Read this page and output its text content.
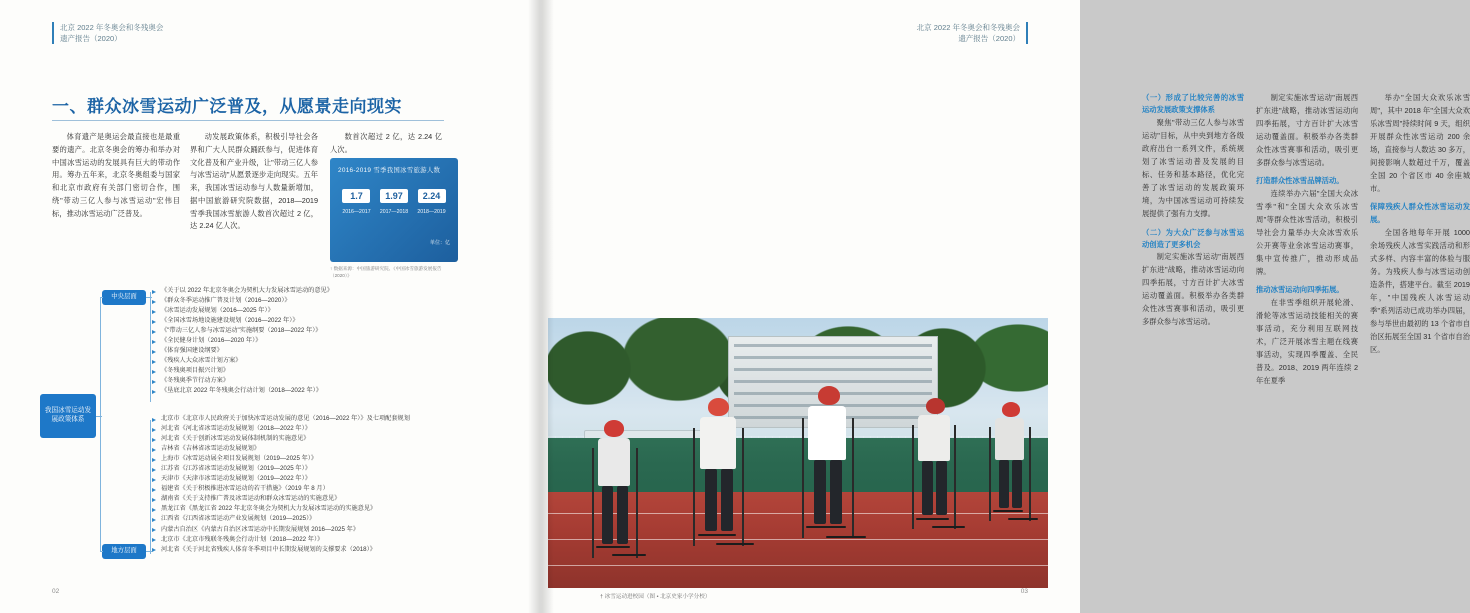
北京 2022 年冬奥会和冬残奥会
遗产报告（2020）
一、群众冰雪运动广泛普及，从愿景走向现实

体育遗产是奥运会最直接也是最重要的遗产。北京冬奥会的筹办和举办对中国冰雪运动的发展具有巨大的带动作用。筹办五年来，北京冬奥组委与国家和北京市政府有关部门密切合作，围绕"带动三亿人参与冰雪运动"宏伟目标，推动冰雪运动广泛普及。

动发展政策体系，积极引导社会各界和广大人民群众踊跃参与，促进体育文化普及和产业升级，让"带动三亿人参与冰雪运动"从愿景逐步走向现实。五年来，我国冰雪运动参与人数量新增加，据中国旅游研究院数据，2018—2019 雪季我国冰雪旅游人数首次超过 2 亿，达 2.24 亿人次。

数首次超过 2 亿，达 2.24 亿人次。

2016-2019 雪季我国冰雪旅游人数
1.7
2016—2017
1.97
2017—2018
2.24
2018—2019
单位：亿
↑ 数据来源：中国旅游研究院、《中国冰雪旅游发展报告（2020）》
我国冰雪运动发展政策体系
中央层面
地方层面
《关于以 2022 年北京冬奥会为契机大力发展冰雪运动的意见》
《群众冬季运动推广普及计划（2016—2020）》
《冰雪运动发展规划（2016—2025 年）》
《全国冰雪场地设施建设规划（2016—2022 年）》
《"带动三亿人参与冰雪运动"实施纲要（2018—2022 年）》
《全民健身计划（2016—2020 年）》
《体育强国建设纲要》
《残疾人大众冰雪计划方案》
《冬残奥项目振兴计划》
《冬残奥季节行动方案》
《垦底北京 2022 年冬残奥会行动计划（2018—2022 年）》
北京市《北京市人民政府关于加快冰雪运动发展的意见（2016—2022 年）》及七项配套规划
河北省《河北省冰雪运动发展规划（2018—2022 年）》
河北省《关于创新冰雪运动发展体制机制的实施意见》
吉林省《吉林省冰雪运动发展规划》
上海市《冰雪运动展全项目发展规划（2019—2025 年）》
江苏省《江苏省冰雪运动发展规划（2019—2025 年）》
天津市《天津市冰雪运动发展规划（2019—2022 年）》
福建省《关于积极推进冰雪运动的若干措施》（2019 年 8 月）
湖南省《关于支持推广普及冰雪运动和群众冰雪运动的实施意见》
黑龙江省《黑龙江省 2022 年北京冬奥会为契机大力发展冰雪运动的实施意见》
江西省《江西省冰雪运动产业发展规划（2019—2025）》
内蒙古自治区《内蒙古自治区冰雪运动中长期发展规划 2016—2025 年》
北京市《北京市残联冬残奥会行动计划（2018—2022 年）》
河北省《关于河北省残疾人体育冬季项目中长期发展规划的支撑要求（2018）》
02
北京 2022 年冬奥会和冬残奥会
遗产报告（2020）

（一）形成了比较完善的冰雪运动发展政策支撑体系

聚焦"带动三亿人参与冰雪运动"目标，从中央到地方各级政府出台一系列文件，系统规划了冰雪运动普及发展的目标、任务和基本路径，优化完善了冰雪运动的发展政策环境，为中国冰雪运动可持续发展提供了强有力支撑。

（二）为大众广泛参与冰雪运动创造了更多机会

制定实施冰雪运动"南展西扩东进"战略，推动冰雪运动向四季拓展，寸方百计扩大冰雪运动覆盖面。积极举办各类群众性冰雪赛事和活动，吸引更多群众参与冰雪运动。

制定实施冰雪运动"南展西扩东进"战略，推动冰雪运动向四季拓展，寸方百计扩大冰雪运动覆盖面。积极举办各类群众性冰雪赛事和活动，吸引更多群众参与冰雪运动。

打造群众性冰雪品牌活动。

连续举办六届"全国大众冰雪季"和"全国大众欢乐冰雪周"等群众性冰雪活动，积极引导社会力量举办大众冰雪欢乐公开赛等业余冰雪运动赛事，集中宣传推广，推动形成品牌。

推动冰雪运动向四季拓展。

在非雪季组织开展轮滑、滑轮等冰雪运动技能相关的赛事活动，充分利用互联网技术，广泛开展冰雪主题在线赛事活动，实现四季覆盖、全民普及。2018、2019 两年连续 2 年在夏季

举办"全国大众欢乐冰雪周"，其中 2018 年"全国大众欢乐冰雪周"持续时间 9 天，组织开展群众性冰雪运动 200 余场，直接参与人数达 30 多万，间接影响人数超过千万，覆盖全国 20 个省区市 40 余座城市。

保障残疾人群众性冰雪运动发展。

全国各地每年开展 1000 余场残疾人冰雪实践活动和形式多样、内容丰富的体验与服务。为残疾人参与冰雪运动创造条件，搭建平台。截至 2019 年，"中国残疾人冰雪运动季"系列活动已成功举办四届，参与举世由最初的 13 个省市自治区拓展至全国 31 个省市自治区。

03
† 冰雪运动进校园（图 • 北京史家小学分校）
